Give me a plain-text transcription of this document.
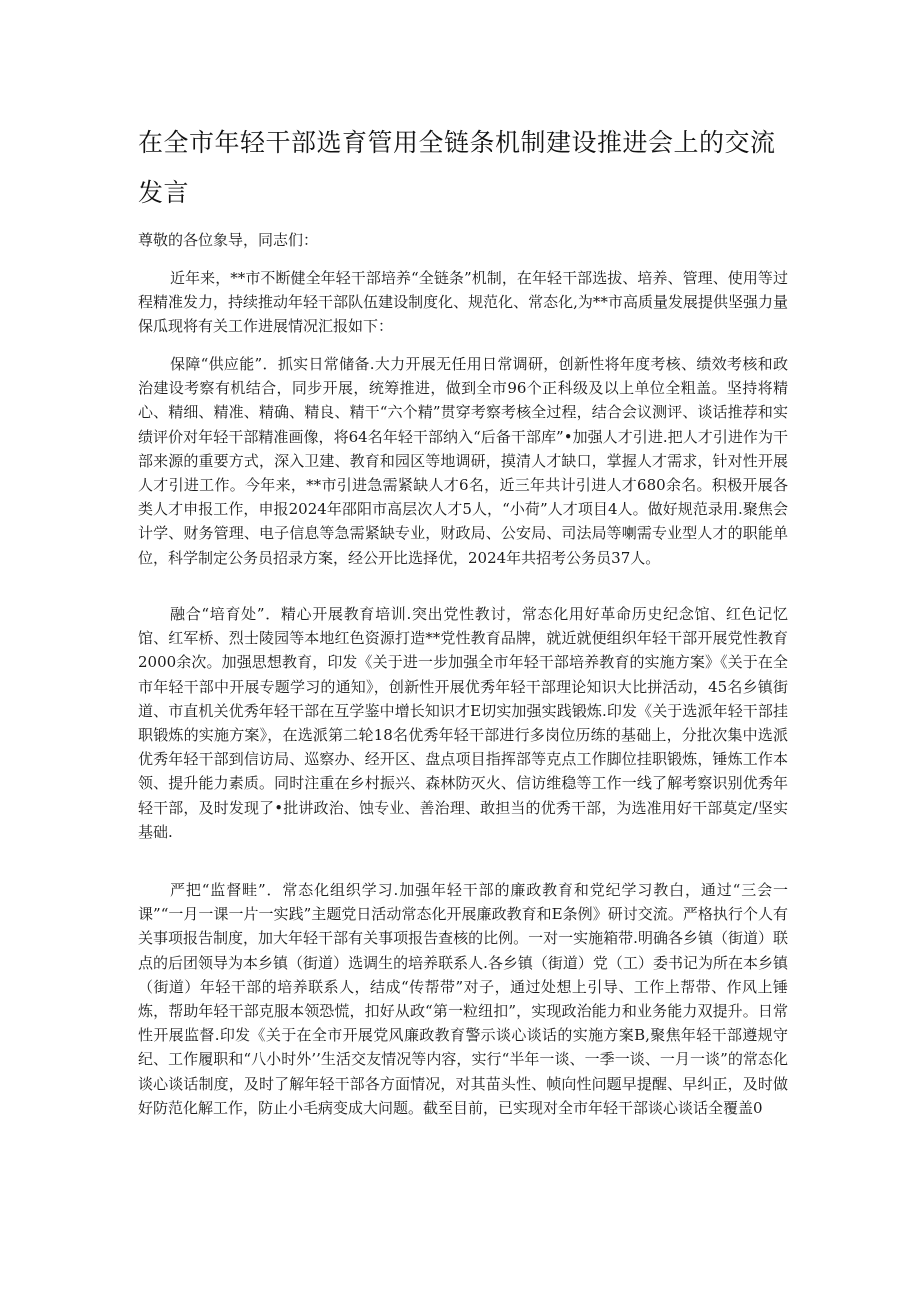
在全市年轻干部选育管用全链条机制建设推进会上的交流发言

尊敬的各位象导，同志们：

近年来，**市不断健全年轻干部培养“全链条”机制，在年轻干部选拔、培养、管理、使用等过程精准发力，持续推动年轻干部队伍建设制度化、规范化、常态化,为**市高质量发展提供坚强力量保瓜现将有关工作进展情况汇报如下：

保障“供应能”．抓实日常储备.大力开展无任用日常调研，创新性将年度考核、绩效考核和政治建设考察有机结合，同步开展，统筹推进，做到全市96个正科级及以上单位全粗盖。坚持将精心、精细、精准、精确、精良、精干“六个精”贯穿考察考核全过程，结合会议测评、谈话推荐和实绩评价对年轻干部精准画像，将64名年轻干部纳入“后备干部库”•加强人才引进.把人才引进作为干部来源的重要方式，深入卫建、教育和园区等地调研，摸清人才缺口，掌握人才需求，针对性开展人才引进工作。今年来，**市引进急需紧缺人才6名，近三年共计引进人才680余名。积极开展各类人才申报工作，申报2024年邵阳市高层次人才5人，“小荷”人才项目4人。做好规范录用.聚焦会计学、财务管理、电子信息等急需紧缺专业，财政局、公安局、司法局等喇需专业型人才的职能单位，科学制定公务员招录方案，经公开比选择优，2024年共招考公务员37人。

融合“培育处”．精心开展教育培训.突出党性教讨，常态化用好革命历史纪念馆、红色记忆馆、红军桥、烈士陵园等本地红色资源打造**党性教育品牌，就近就便组织年轻干部开展党性教育2000余次。加强思想教育，印发《关于进一步加强全市年轻干部培养教育的实施方案》《关于在全市年轻干部中开展专题学习的通知》，创新性开展优秀年轻干部理论知识大比拼活动，45名乡镇街道、市直机关优秀年轻干部在互学鉴中增长知识才E切实加强实践锻炼.印发《关于选派年轻干部挂职锻炼的实施方案》，在选派第二轮18名优秀年轻干部进行多岗位历练的基础上，分批次集中选派优秀年轻干部到信访局、巡察办、经开区、盘点项目指挥部等克点工作脚位挂职锻炼，锤炼工作本领、提升能力素质。同时注重在乡村振兴、森林防灭火、信访维稳等工作一线了解考察识别优秀年轻干部，及时发现了•批讲政治、蚀专业、善治理、敢担当的优秀干部，为选准用好干部莫定/坚实基础.

严把“监督畦”．常态化组织学习.加强年轻干部的廉政教育和党纪学习教白，通过“三会一课”“一月一课一片一实践”主题党日活动常态化开展廉政教育和E条例》研讨交流。严格执行个人有关事项报告制度，加大年轻干部有关事项报告查核的比例。一对一实施箱带.明确各乡镇（街道）联点的后团领导为本乡镇（街道）选调生的培养联系人.各乡镇（街道）党（工）委书记为所在本乡镇（街道）年轻干部的培养联系人，结成“传帮带”对子，通过处想上引导、工作上帮带、作风上锤炼，帮助年轻干部克服本领恐慌，扣好从政“第一粒纽扣”，实现政治能力和业务能力双提升。日常性开展监督.印发《关于在全市开展党风廉政教育警示谈心谈话的实施方案B,聚焦年轻干部遵规守纪、工作履职和“八小时外’’生活交友情况等内容，实行“半年一谈、一季一谈、一月一谈”的常态化谈心谈话制度，及时了解年轻干部各方面情况，对其苗头性、帧向性问题早提醒、早纠正，及时做好防范化解工作，防止小毛病变成大问题。截至目前，已实现对全市年轻干部谈心谈话全覆盖0
